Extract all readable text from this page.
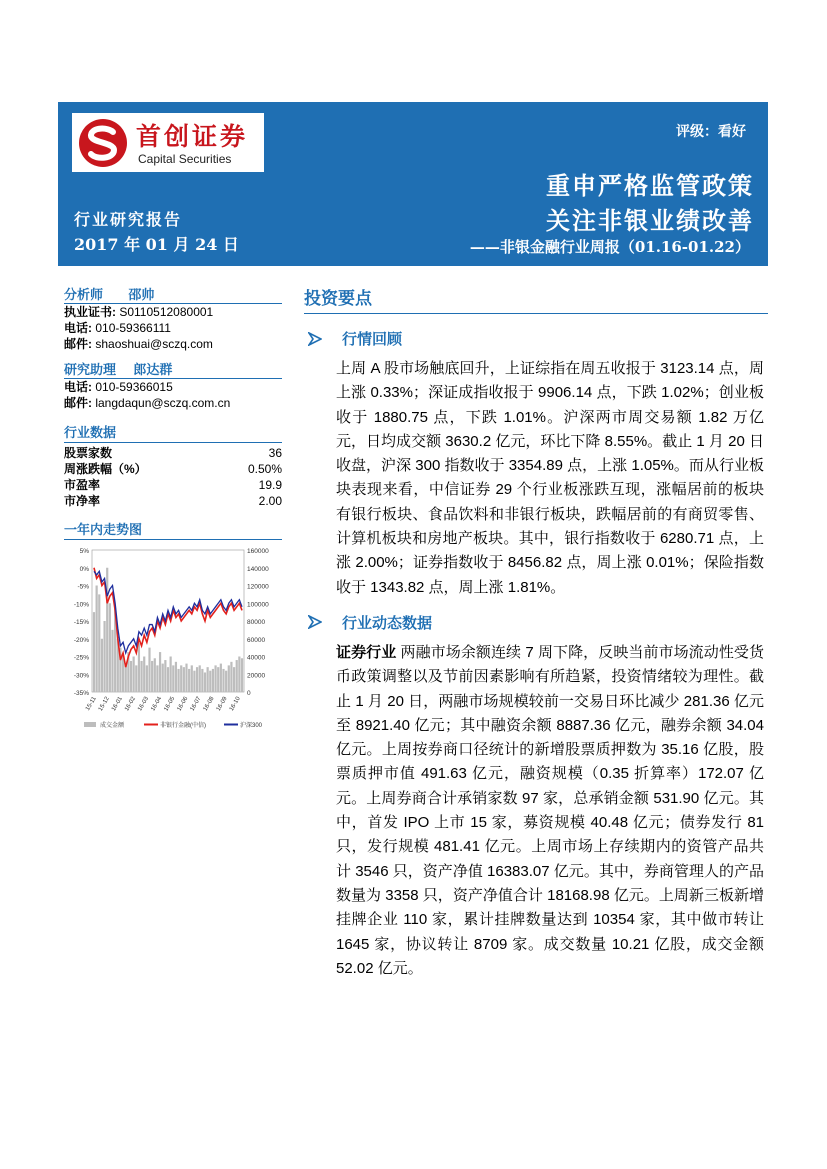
首创证券
Capital Securities
评级：看好
重申严格监管政策
关注非银业绩改善
——非银金融行业周报（01.16-01.22）
行业研究报告
2017 年 01 月 24 日
分析师 邵帅
执业证书: S0110512080001
电话: 010-59366111
邮件: shaoshuai@sczq.com
研究助理 郎达群
电话: 010-59366015
邮件: langdaqun@sczq.com.cn
行业数据
股票家数	36
周涨跌幅（%）	0.50%
市盈率	19.9
市净率	2.00
一年内走势图
5%
0%
-5%
-10%
-15%
-20%
-25%
-30%
-35%
160000
140000
120000
100000
80000
60000
40000
20000
0
15-11 15-12 16-01 16-02 16-03 16-04 16-05 16-06 16-07 16-08 16-09 16-10
成交金额	非银行金融(中信)	沪深300
投资要点
行情回顾
上周 A 股市场触底回升，上证综指在周五收报于 3123.14 点，周上涨 0.33%；深证成指收报于 9906.14 点，下跌 1.02%；创业板收于 1880.75 点，下跌 1.01%。沪深两市周交易额 1.82 万亿元，日均成交额 3630.2 亿元，环比下降 8.55%。截止 1 月 20 日收盘，沪深 300 指数收于 3354.89 点，上涨 1.05%。而从行业板块表现来看，中信证券 29 个行业板涨跌互现，涨幅居前的板块有银行板块、食品饮料和非银行板块，跌幅居前的有商贸零售、计算机板块和房地产板块。其中，银行指数收于 6280.71 点，上涨 2.00%；证券指数收于 8456.82 点，周上涨 0.01%；保险指数收于 1343.82 点，周上涨 1.81%。
行业动态数据
证券行业 两融市场余额连续 7 周下降，反映当前市场流动性受货币政策调整以及节前因素影响有所趋紧，投资情绪较为理性。截止 1 月 20 日，两融市场规模较前一交易日环比减少 281.36 亿元至 8921.40 亿元；其中融资余额 8887.36 亿元，融券余额 34.04 亿元。上周按券商口径统计的新增股票质押数为 35.16 亿股，股票质押市值 491.63 亿元，融资规模（0.35 折算率）172.07 亿元。上周券商合计承销家数 97 家，总承销金额 531.90 亿元。其中，首发 IPO 上市 15 家，募资规模 40.48 亿元；债券发行 81 只，发行规模 481.41 亿元。上周市场上存续期内的资管产品共计 3546 只，资产净值 16383.07 亿元。其中，券商管理人的产品数量为 3358 只，资产净值合计 18168.98 亿元。上周新三板新增挂牌企业 110 家，累计挂牌数量达到 10354 家，其中做市转让 1645 家，协议转让 8709 家。成交数量 10.21 亿股，成交金额 52.02 亿元。
